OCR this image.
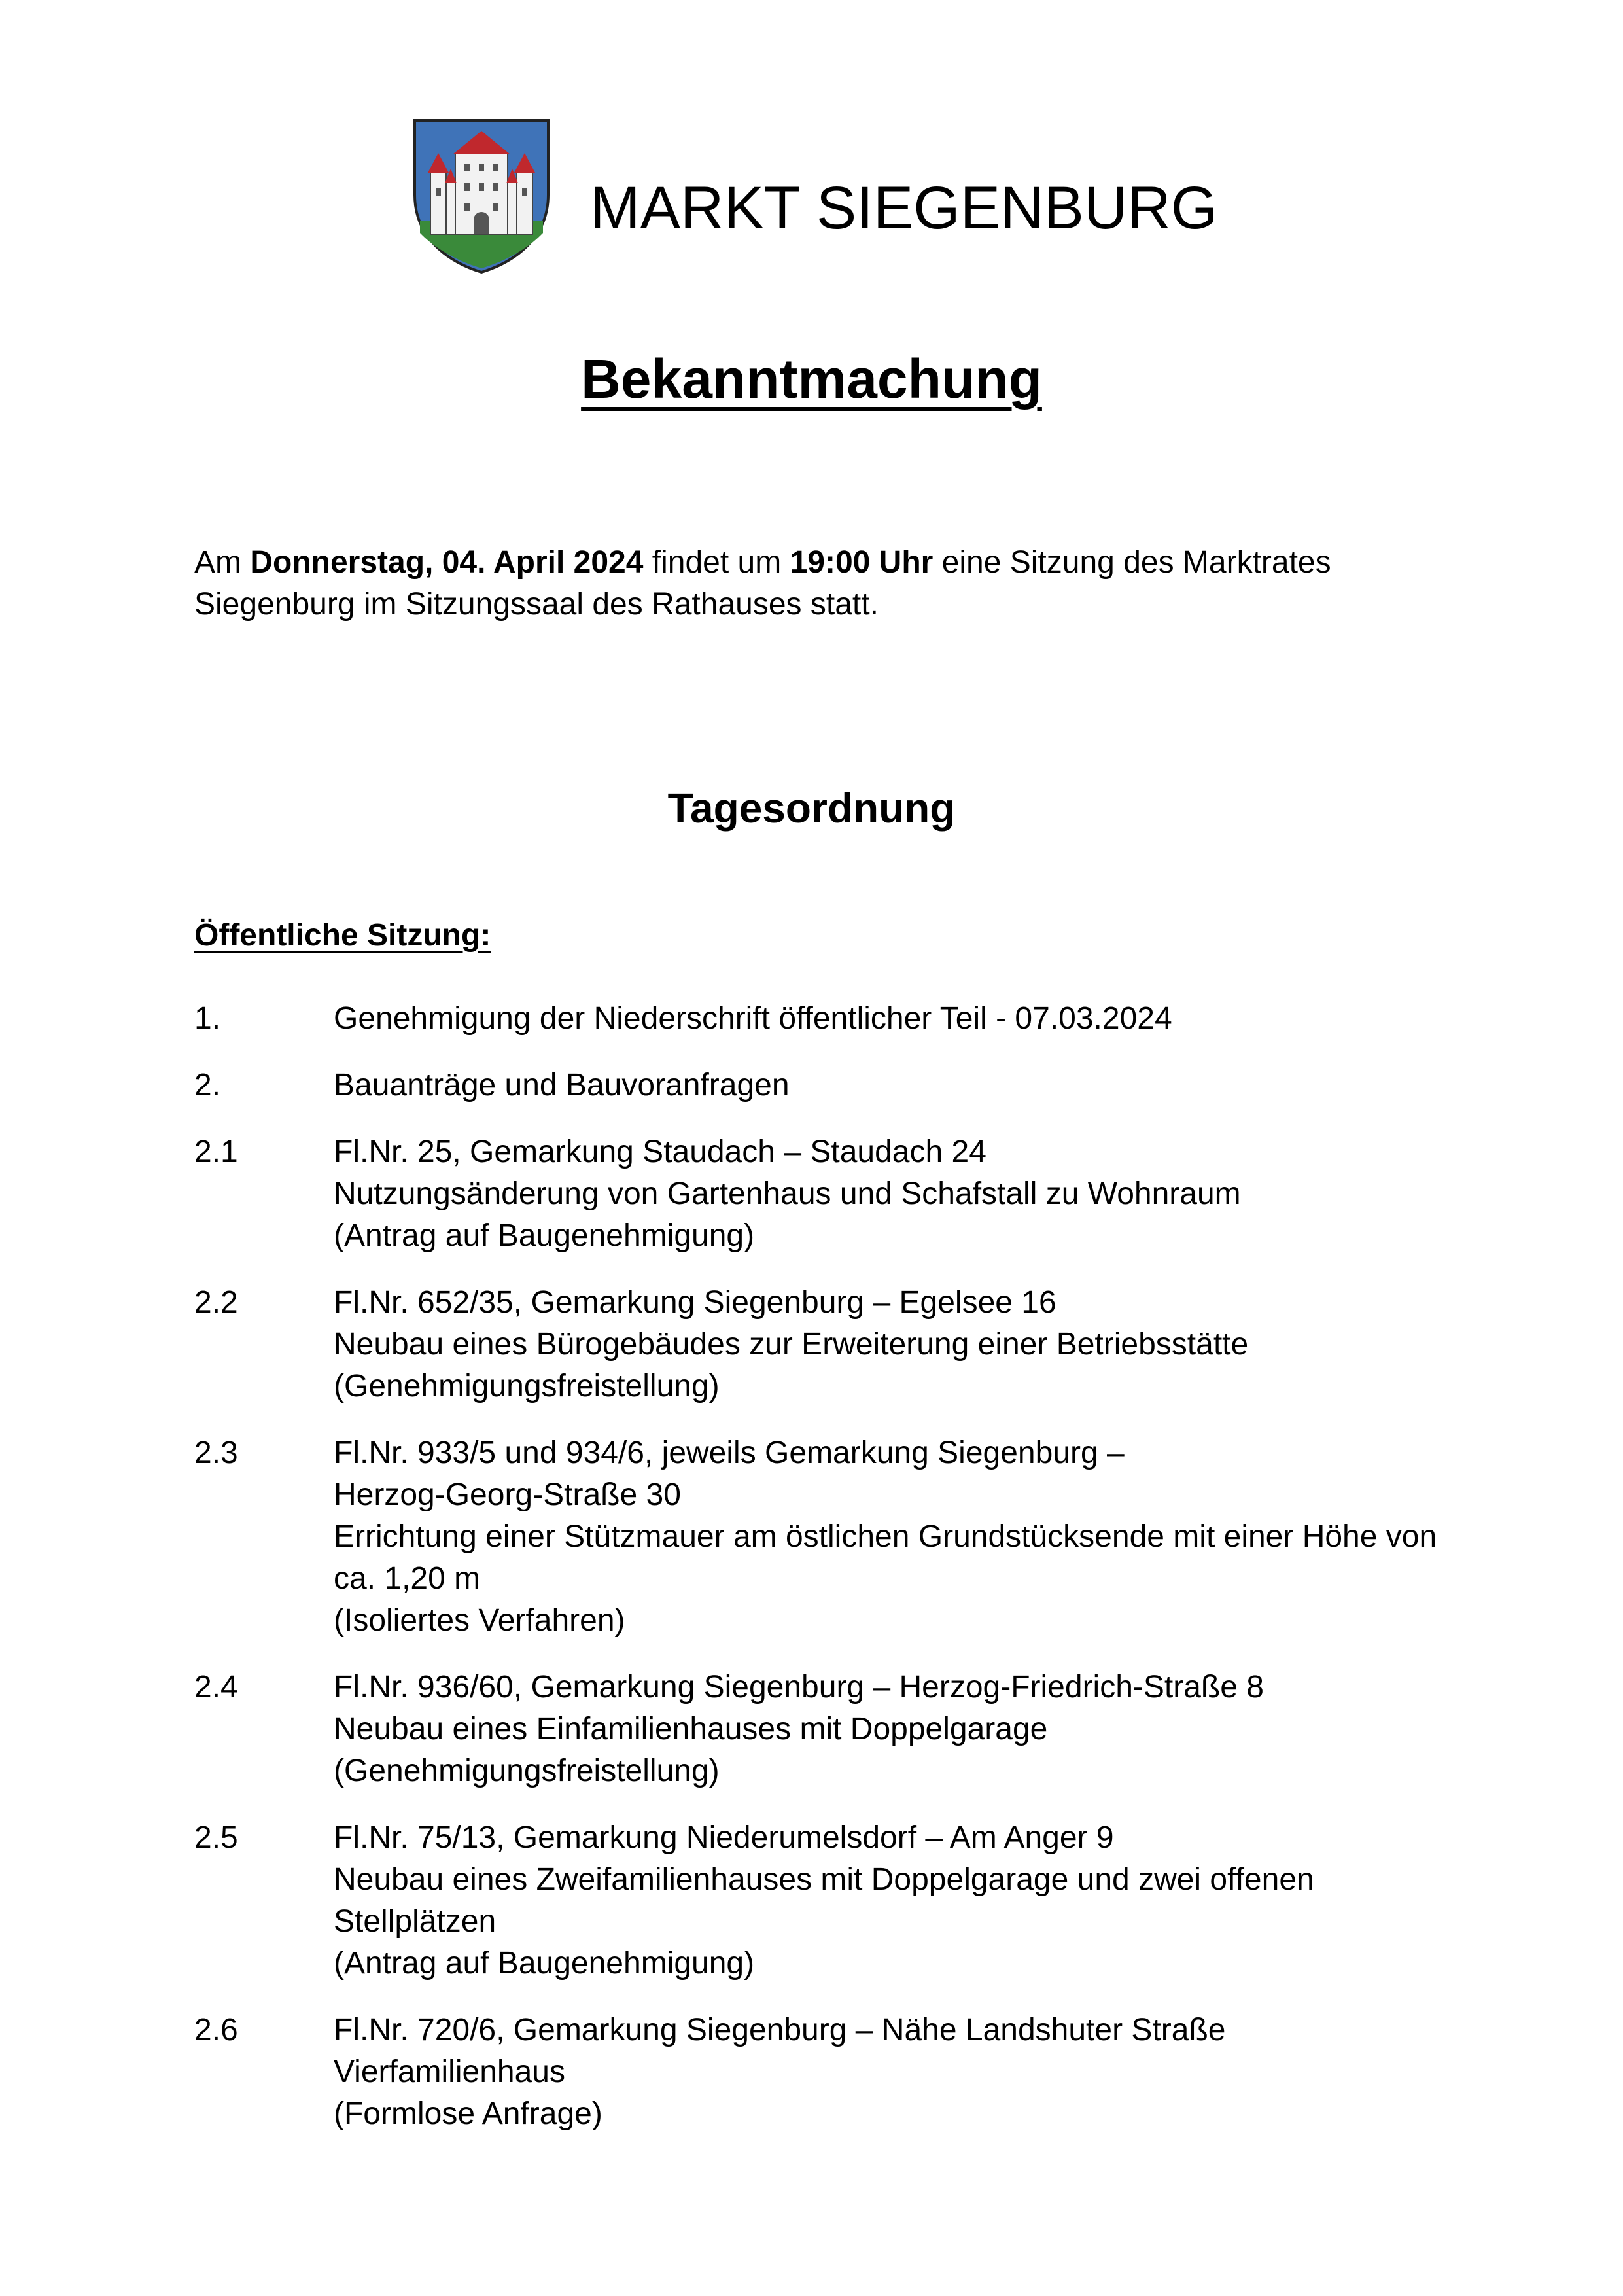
MARKT SIEGENBURG
Bekanntmachung
Am Donnerstag, 04. April 2024 findet um 19:00 Uhr eine Sitzung des Marktrates Siegenburg im Sitzungssaal des Rathauses statt.
Tagesordnung
Öffentliche Sitzung:
1.	Genehmigung der Niederschrift öffentlicher Teil - 07.03.2024
2.	Bauanträge und Bauvoranfragen
2.1	Fl.Nr. 25, Gemarkung Staudach – Staudach 24
Nutzungsänderung von Gartenhaus und Schafstall zu Wohnraum
(Antrag auf Baugenehmigung)
2.2	Fl.Nr. 652/35, Gemarkung Siegenburg – Egelsee 16
Neubau eines Bürogebäudes zur Erweiterung einer Betriebsstätte
(Genehmigungsfreistellung)
2.3	Fl.Nr. 933/5 und 934/6, jeweils Gemarkung Siegenburg –
Herzog-Georg-Straße 30
Errichtung einer Stützmauer am östlichen Grundstücksende mit einer Höhe von ca. 1,20 m
(Isoliertes Verfahren)
2.4	Fl.Nr. 936/60, Gemarkung Siegenburg – Herzog-Friedrich-Straße 8
Neubau eines Einfamilienhauses mit Doppelgarage
(Genehmigungsfreistellung)
2.5	Fl.Nr. 75/13, Gemarkung Niederumelsdorf – Am Anger 9
Neubau eines Zweifamilienhauses mit Doppelgarage und zwei offenen Stellplätzen
(Antrag auf Baugenehmigung)
2.6	Fl.Nr. 720/6, Gemarkung Siegenburg – Nähe Landshuter Straße
Vierfamilienhaus
(Formlose Anfrage)
